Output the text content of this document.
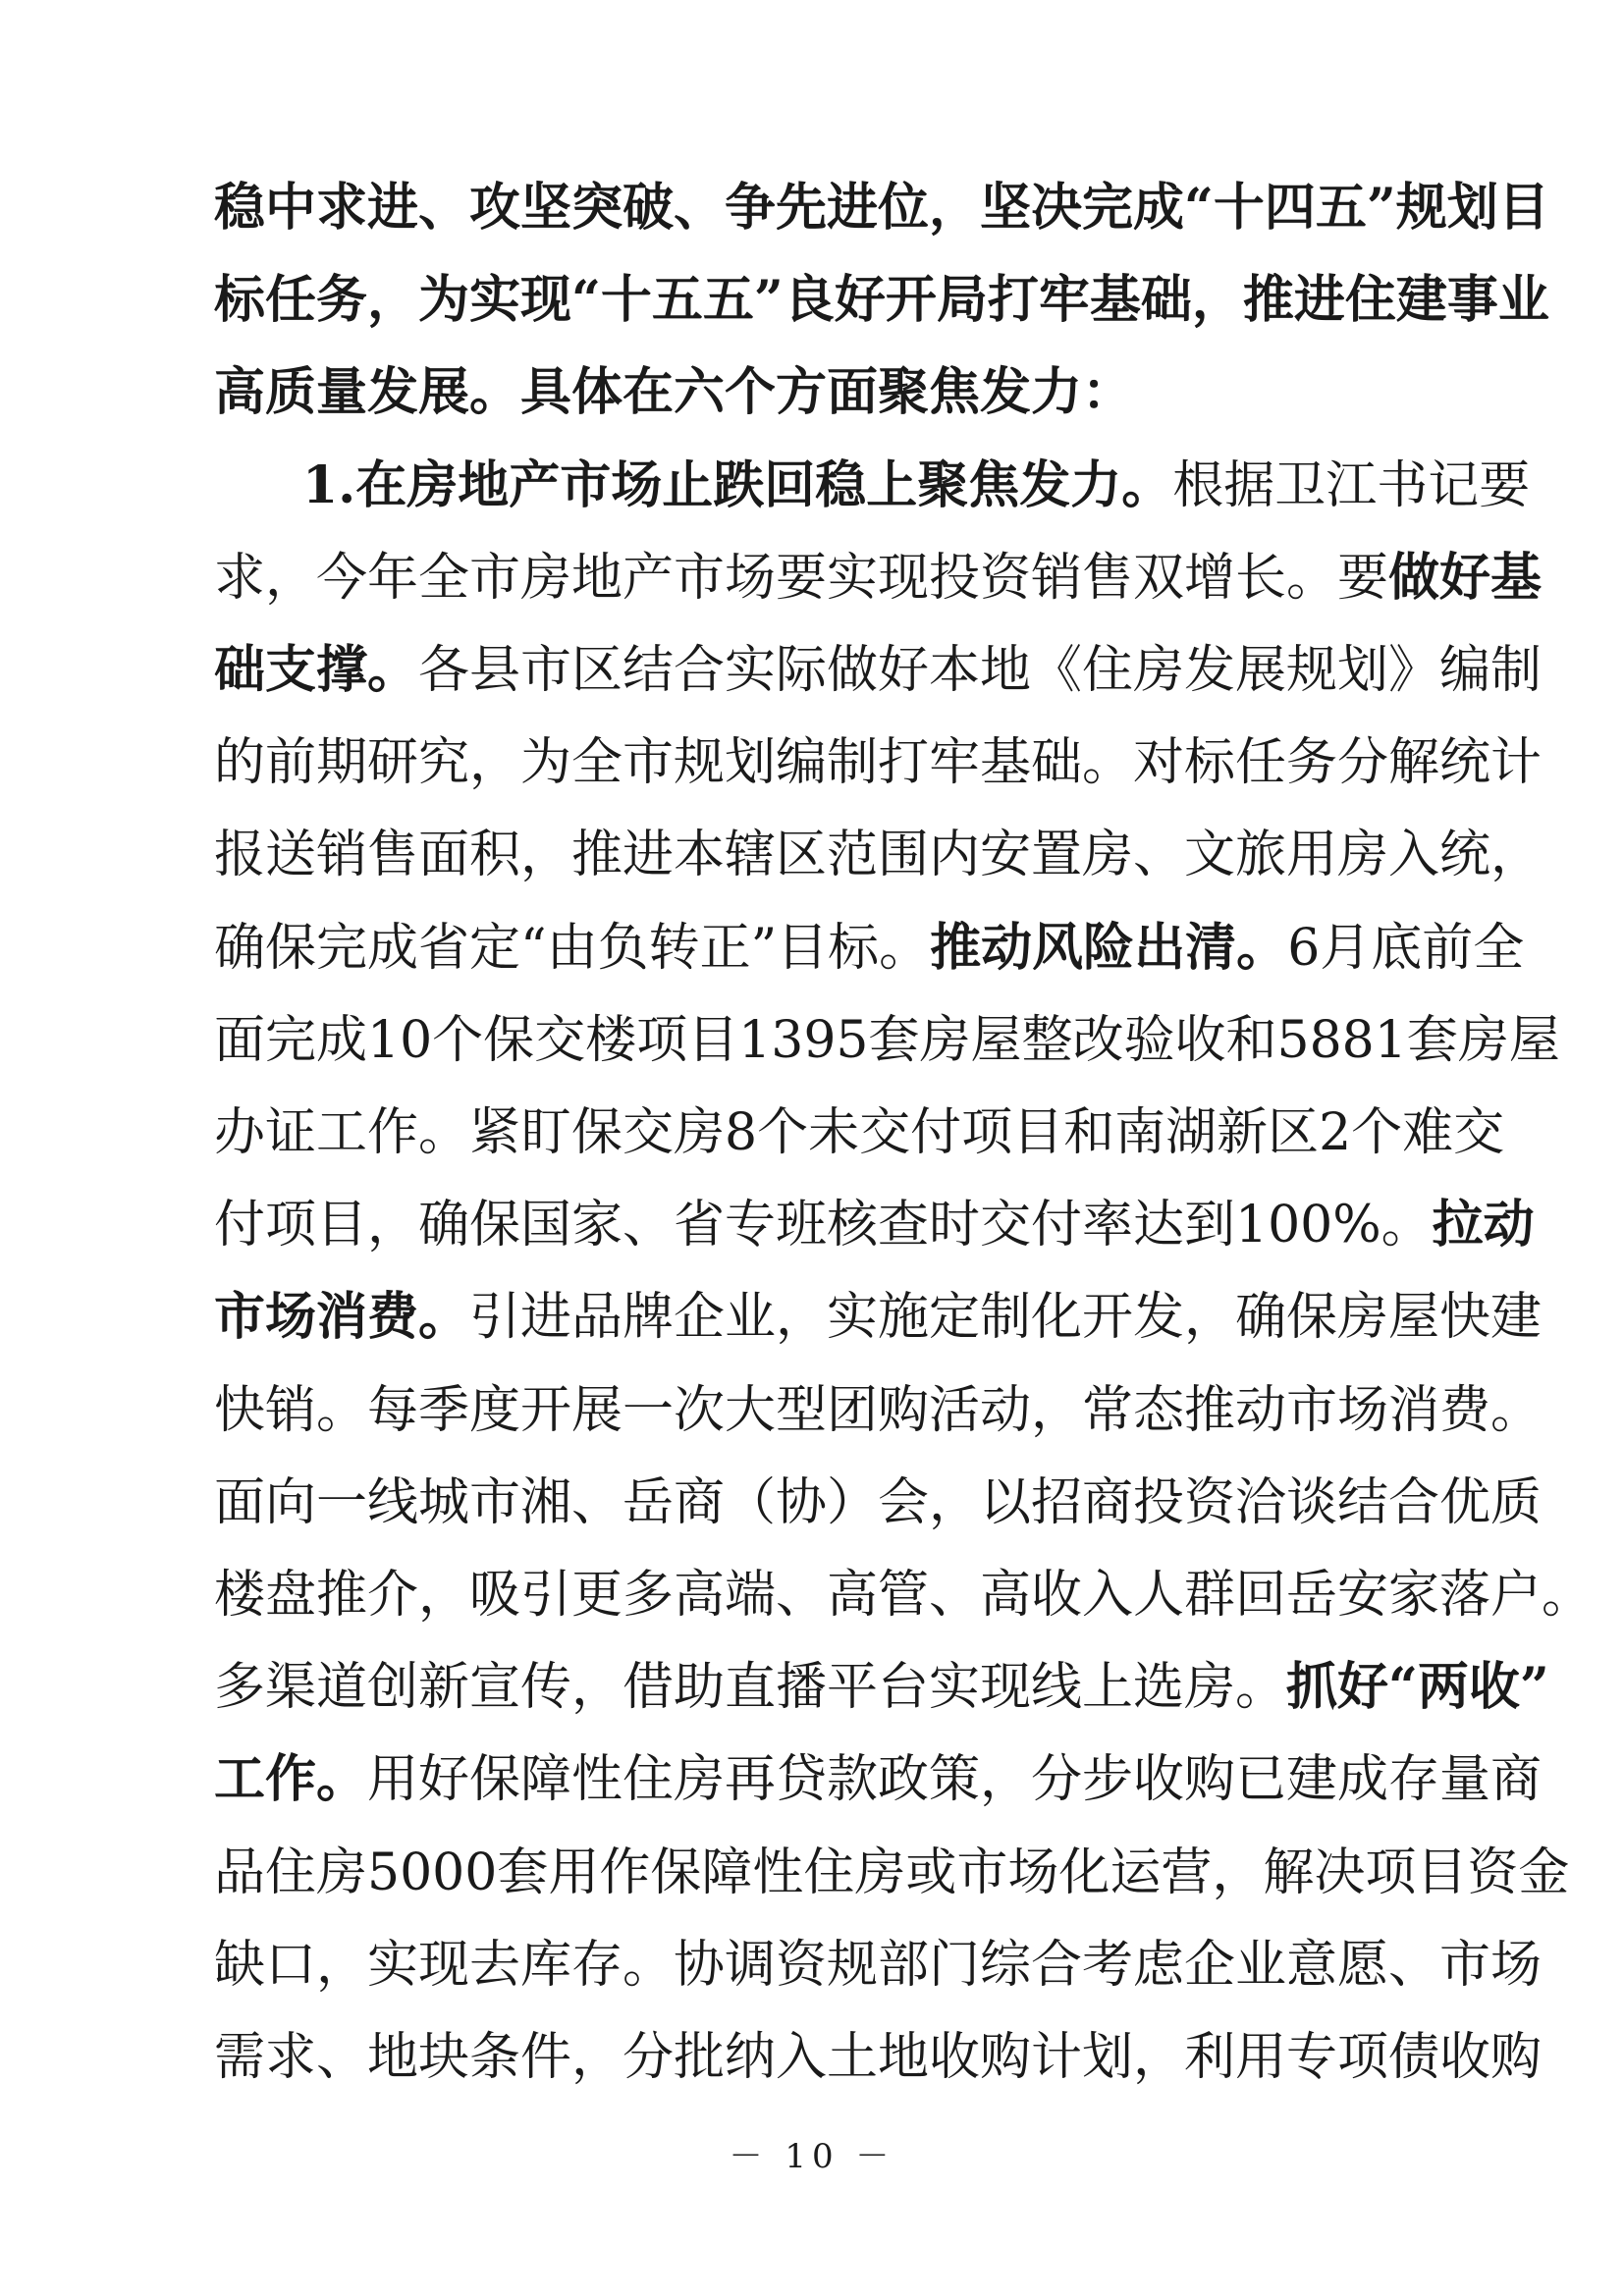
稳中求进、攻坚突破、争先进位，坚决完成“十四五”规划目
标任务，为实现“十五五”良好开局打牢基础，推进住建事业
高质量发展。具体在六个方面聚焦发力：
1.在房地产市场止跌回稳上聚焦发力。根据卫江书记要
求，今年全市房地产市场要实现投资销售双增长。要做好基
础支撑。各县市区结合实际做好本地《住房发展规划》编制
的前期研究，为全市规划编制打牢基础。对标任务分解统计
报送销售面积，推进本辖区范围内安置房、文旅用房入统，
确保完成省定“由负转正”目标。推动风险出清。6月底前全
面完成10个保交楼项目1395套房屋整改验收和5881套房屋
办证工作。紧盯保交房8个未交付项目和南湖新区2个难交
付项目，确保国家、省专班核查时交付率达到100%。拉动
市场消费。引进品牌企业，实施定制化开发，确保房屋快建
快销。每季度开展一次大型团购活动，常态推动市场消费。
面向一线城市湘、岳商（协）会，以招商投资洽谈结合优质
楼盘推介，吸引更多高端、高管、高收入人群回岳安家落户。
多渠道创新宣传，借助直播平台实现线上选房。抓好“两收”
工作。用好保障性住房再贷款政策，分步收购已建成存量商
品住房5000套用作保障性住房或市场化运营，解决项目资金
缺口，实现去库存。协调资规部门综合考虑企业意愿、市场
需求、地块条件，分批纳入土地收购计划，利用专项债收购
－ 10 －
